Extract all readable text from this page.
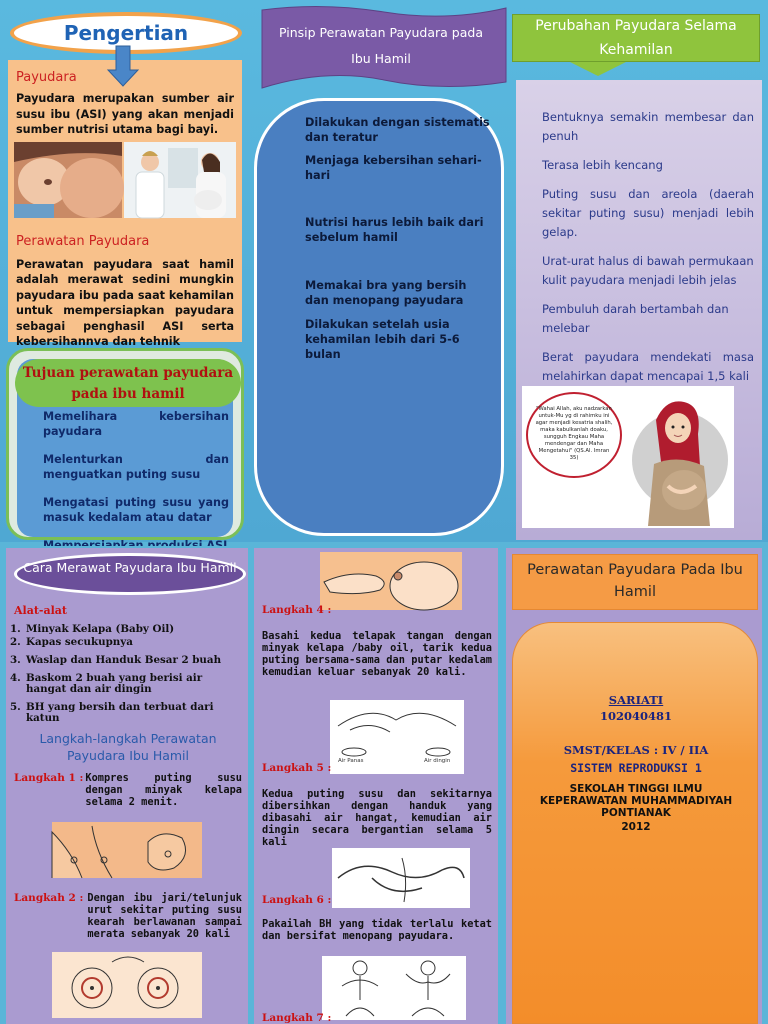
Payudara
Payudara merupakan sumber air susu ibu (ASI) yang akan menjadi sumber nutrisi utama bagi bayi.
Perawatan Payudara
Perawatan payudara saat hamil adalah merawat sedini mungkin payudara ibu pada saat kehamilan untuk mempersiapkan payudara sebagai penghasil ASI serta kebersihannva dan tehnik
Pengertian
Tujuan perawatan payudara pada ibu hamil
Memelihara kebersihan payudara
Melenturkan dan menguatkan puting susu
Mengatasi puting susu yang masuk kedalam atau datar
Pinsip Perawatan Payudara pada Ibu Hamil
Dilakukan dengan sistematis dan teratur
Menjaga kebersihan sehari-hari
Nutrisi harus lebih baik dari sebelum hamil
Memakai bra yang bersih dan menopang payudara
Dilakukan setelah usia kehamilan lebih dari 5-6 bulan
Bentuknya semakin membesar dan penuh
Terasa lebih kencang
Puting susu dan areola (daerah sekitar puting susu) menjadi lebih gelap.
Urat-urat halus di bawah permukaan kulit payudara menjadi lebih jelas
Pembuluh darah bertambah dan melebar
Berat payudara mendekati masa melahirkan dapat mencapai 1,5 kali
Perubahan Payudara Selama Kehamilan
"Wahai Allah, aku nadzarkan untuk-Mu yg di rahimku ini agar menjadi kesatria shalih, maka kabulkanlah doaku, sungguh Engkau Maha mendengar dan Maha Mengetahui" (QS.Al. Imran 35)
Cara Merawat Payudara Ibu Hamil
Alat-alat
1. Minyak Kelapa (Baby Oil)
2. Kapas secukupnya
3. Waslap dan Handuk Besar 2 buah
4. Baskom 2 buah yang berisi air hangat dan air dingin
5. BH yang bersih dan terbuat dari katun
Langkah-langkah Perawatan Payudara Ibu Hamil
Langkah 1 : Kompres puting susu dengan minyak kelapa selama 2 menit.
Langkah 2 : Dengan ibu jari/telunjuk urut sekitar puting susu kearah berlawanan sampai merata sebanyak 20 kali
Langkah 4 :
Basahi kedua telapak tangan dengan minyak kelapa /baby oil, tarik kedua puting bersama-sama dan putar kedalam kemudian keluar sebanyak 20 kali.
Air Panas	Air dingin
Langkah 5 :
Kedua puting susu dan sekitarnya dibersihkan dengan handuk yang dibasahi air hangat, kemudian air dingin secara bergantian selama 5 kali
Langkah 6 :
Pakailah BH yang tidak terlalu ketat dan bersifat menopang payudara.
Langkah 7 :
Perawatan Payudara Pada Ibu Hamil
SARIATI
102040481
SMST/KELAS : IV / IIA
SISTEM REPRODUKSI 1
SEKOLAH TINGGI ILMU KEPERAWATAN MUHAMMADIYAH PONTIANAK
2012
